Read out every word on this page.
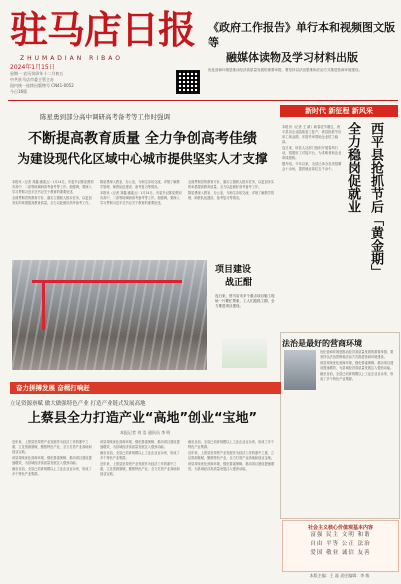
驻马店日报
ZHUMADIAN RIBAO
2024年1月15日
星期一 农历癸卯年十二月初五
中共驻马店市委主管主办
国内统一连续出版物号 CN41-0052
今日16版
《政府工作报告》单行本和视频图文版等
融媒体读物及学习材料出版
优化营商环境是推动经济高质量发展的重要举措，要坚持以法治思维和法治方式推进营商环境建设。
陈星勇到部分高中调研高考备考等工作时强调
不断提高教育质量 全力争创高考佳绩
为建设现代化区域中心城市提供坚实人才支撑

本报讯（记者 刘鑫 潘素云）1月14日，市委书记陈星勇到市高中、二高等地调研高考备考等工作。他强调，要深入学习贯彻习近平总书记关于教育的重要论述，

全面贯彻党的教育方针，落实立德树人根本任务，以更加务实的举措提高教育质量，全力以赴做好高考备考工作。

陈星勇深入教室、办公室，与师生亲切交流，详细了解教学管理、师资队伍建设、备考复习等情况。

本报讯（记者 刘鑫 潘素云）1月14日，市委书记陈星勇到市高中、二高等地调研高考备考等工作。他强调，要深入学习贯彻习近平总书记关于教育的重要论述，

全面贯彻党的教育方针，落实立德树人根本任务，以更加务实的举措提高教育质量，全力以赴做好高考备考工作。

陈星勇深入教室、办公室，与师生亲切交流，详细了解教学管理、师资队伍建设、备考复习等情况。

项目建设
战正酣
连日来，驻马店市多个重点项目施工现场一片繁忙景象，工人们抢抓工期，全力推进项目建设。
新时代 新征程 新风采

本报讯（记者 王 斌）新春佳节刚过，西平县各企业陆续复工复产，该县抢抓节后用工黄金期，多措并举帮助企业招工稳岗。

连日来，该县人社部门组织开展春风行动，搭建用工对接平台，为求职者和企业牵线搭桥。

据介绍，今年以来，全县已举办各类招聘会十余场，提供就业岗位五千余个。 全力稳岗促就业 西平县抢抓节后「黄金期」
法治是最好的营商环境

优化营商环境是推动经济高质量发展的重要举措，要坚持以法治思维和法治方式推进营商环境建设。

该县持续优化营商环境，强化要素保障，推动项目建设提速增效，为县域经济高质量发展注入强劲动能。

截至目前，全县已培育规模以上工业企业百余家，形成了多个特色产业集群。

奋力拼搏发展 奋楫打响赶
立足资源禀赋 做大做强特色产业 打造产业链式发展高地
上蔡县全力打造产业“高地”创业“宝地”
本报记者 刘 浩 通讯员 李 明

近年来，上蔡县坚持把产业发展作为经济工作的重中之重，立足资源禀赋，聚焦特色产业，全力打造产业高地和创业宝地。

该县持续优化营商环境，强化要素保障，推动项目建设提速增效，为县域经济高质量发展注入强劲动能。

截至目前，全县已培育规模以上工业企业百余家，形成了多个特色产业集群。

该县持续优化营商环境，强化要素保障，推动项目建设提速增效，为县域经济高质量发展注入强劲动能。

截至目前，全县已培育规模以上工业企业百余家，形成了多个特色产业集群。

近年来，上蔡县坚持把产业发展作为经济工作的重中之重，立足资源禀赋，聚焦特色产业，全力打造产业高地和创业宝地。

截至目前，全县已培育规模以上工业企业百余家，形成了多个特色产业集群。

近年来，上蔡县坚持把产业发展作为经济工作的重中之重，立足资源禀赋，聚焦特色产业，全力打造产业高地和创业宝地。

该县持续优化营商环境，强化要素保障，推动项目建设提速增效，为县域经济高质量发展注入强劲动能。

社会主义核心价值观基本内容
富强 民主 文明 和谐
自由 平等 公正 法治
爱国 敬业 诚信 友善
本版主编：王 磊 责任编辑：李 敏
